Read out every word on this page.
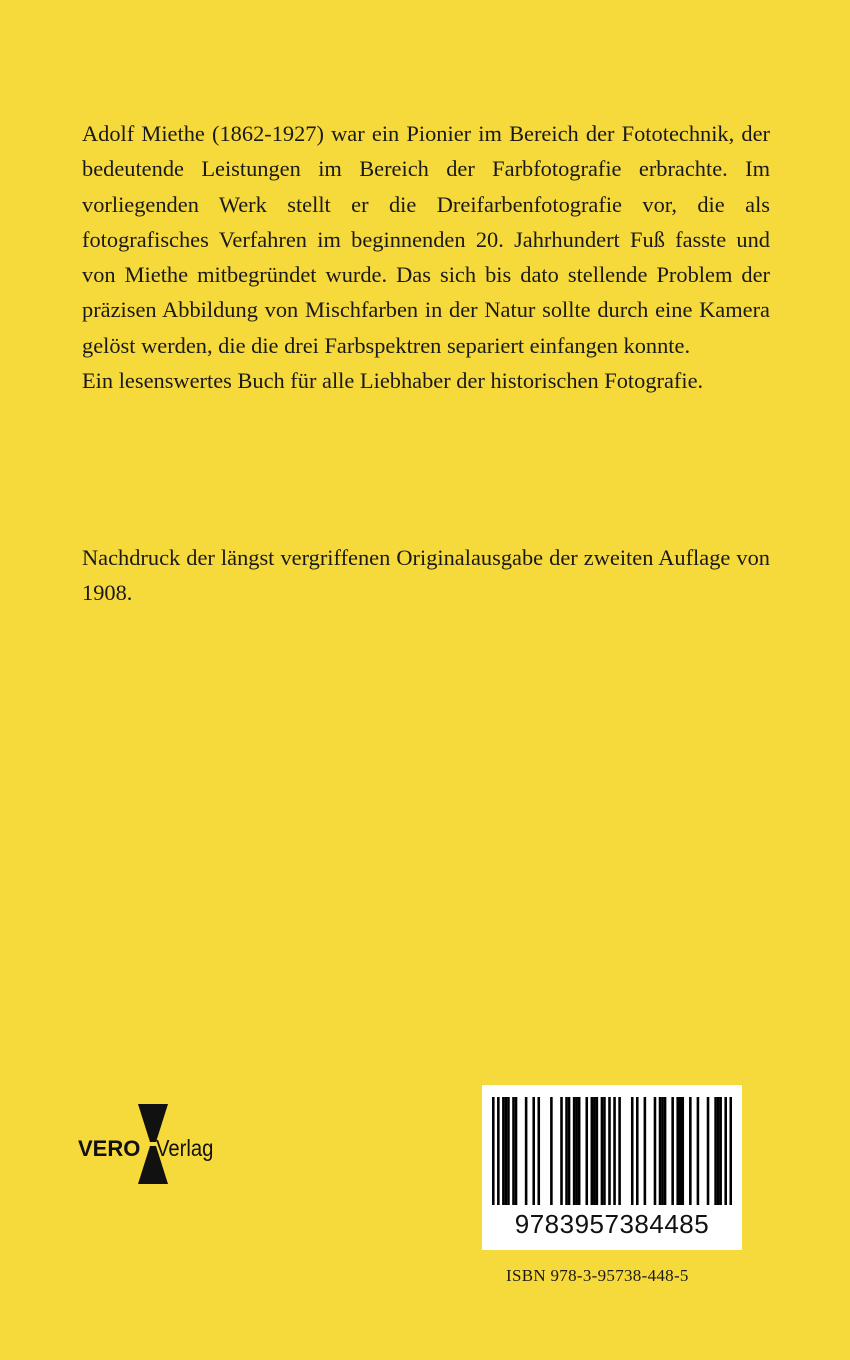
Adolf Miethe (1862-1927) war ein Pionier im Bereich der Fototechnik, der bedeutende Leistungen im Bereich der Farbfotografie erbrachte. Im vorliegenden Werk stellt er die Dreifarbenfotografie vor, die als fotografisches Verfahren im beginnenden 20. Jahrhundert Fuß fasste und von Miethe mitbegründet wurde. Das sich bis dato stellende Problem der präzisen Abbildung von Mischfarben in der Natur sollte durch eine Kamera gelöst werden, die die drei Farbspektren separiert einfangen konnte.

Ein lesenswertes Buch für alle Liebhaber der historischen Fotografie.

Nachdruck der längst vergriffenen Originalausgabe der zweiten Auflage von 1908.

VERO Verlag
9783957384485
ISBN 978-3-95738-448-5
